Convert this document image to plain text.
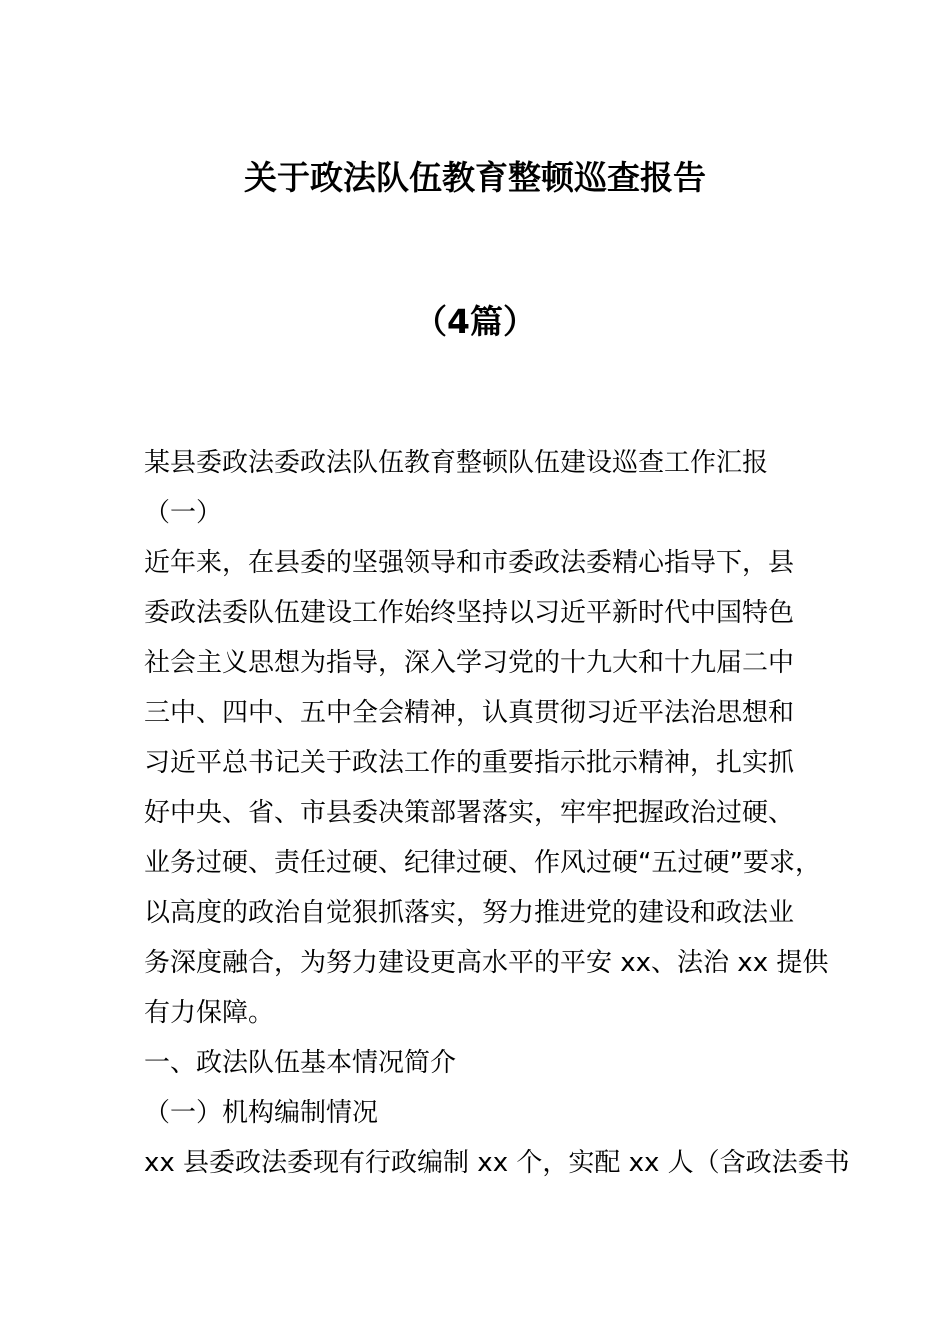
关于政法队伍教育整顿巡查报告
（4篇）
某县委政法委政法队伍教育整顿队伍建设巡查工作汇报
（一）
近年来，在县委的坚强领导和市委政法委精心指导下，县
委政法委队伍建设工作始终坚持以习近平新时代中国特色
社会主义思想为指导，深入学习党的十九大和十九届二中
三中、四中、五中全会精神，认真贯彻习近平法治思想和
习近平总书记关于政法工作的重要指示批示精神，扎实抓
好中央、省、市县委决策部署落实，牢牢把握政治过硬、
业务过硬、责任过硬、纪律过硬、作风过硬“五过硬”要求，
以高度的政治自觉狠抓落实，努力推进党的建设和政法业
务深度融合，为努力建设更高水平的平安 xx、法治 xx 提供
有力保障。
一、政法队伍基本情况简介
（一）机构编制情况
xx 县委政法委现有行政编制 xx 个，实配 xx 人（含政法委书
